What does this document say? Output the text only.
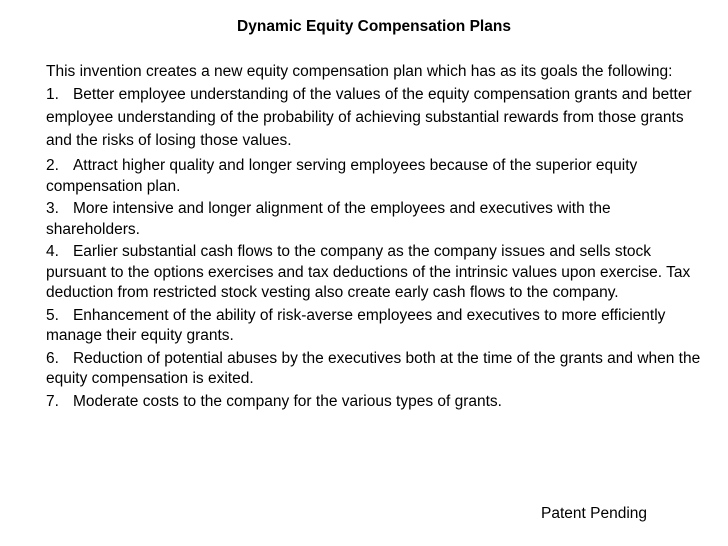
Dynamic Equity Compensation Plans

This invention creates a new equity compensation plan which has as its goals the following:

1. Better employee understanding of the values of the equity compensation grants and better employee understanding of the probability of achieving substantial rewards from those grants and the risks of losing those values.

2. Attract higher quality and longer serving employees because of the superior equity compensation plan.

3. More intensive and longer alignment of the employees and executives with the shareholders.

4. Earlier substantial cash flows to the company as the company issues and sells stock pursuant to the options exercises and tax deductions of the intrinsic values upon exercise. Tax deduction from restricted stock vesting also create early cash flows to the company.

5. Enhancement of the ability of risk-averse employees and executives to more efficiently manage their equity grants.

6. Reduction of potential abuses by the executives both at the time of the grants and when the equity compensation is exited.

7. Moderate costs to the company for the various types of grants.

Patent Pending
